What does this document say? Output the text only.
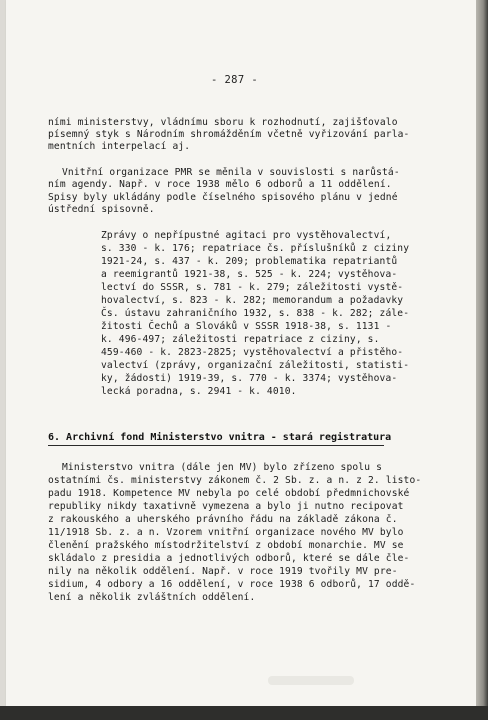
- 287 -
ními ministerstvy, vládnímu sboru k rozhodnutí, zajišťovalo
písemný styk s Národním shromážděním včetně vyřizování parla-
mentních interpelací aj.
Vnitřní organizace PMR se měnila v souvislosti s narůstá-
ním agendy. Např. v roce 1938 mělo 6 odborů a 11 oddělení.
Spisy byly ukládány podle číselného spisového plánu v jedné
ústřední spisovně.
Zprávy o nepřípustné agitaci pro vystěhovalectví,
s. 330 - k. 176; repatriace čs. příslušníků z ciziny
1921-24, s. 437 - k. 209; problematika repatriantů
a reemigrantů 1921-38, s. 525 - k. 224; vystěhova-
lectví do SSSR, s. 781 - k. 279; záležitosti vystě-
hovalectví, s. 823 - k. 282; memorandum a požadavky
Čs. ústavu zahraničního 1932, s. 838 - k. 282; zále-
žitosti Čechů a Slováků v SSSR 1918-38, s. 1131 -
k. 496-497; záležitosti repatriace z ciziny, s.
459-460 - k. 2823-2825; vystěhovalectví a přistěho-
valectví (zprávy, organizační záležitosti, statisti-
ky, žádosti) 1919-39, s. 770 - k. 3374; vystěhova-
lecká poradna, s. 2941 - k. 4010.
6. Archivní fond Ministerstvo vnitra - stará registratura
Ministerstvo vnitra (dále jen MV) bylo zřízeno spolu s
ostatními čs. ministerstvy zákonem č. 2 Sb. z. a n. z 2. listo-
padu 1918. Kompetence MV nebyla po celé období předmnichovské
republiky nikdy taxativně vymezena a bylo ji nutno recipovat
z rakouského a uherského právního řádu na základě zákona č.
11/1918 Sb. z. a n. Vzorem vnitřní organizace nového MV bylo
členění pražského místodržitelství z období monarchie. MV se
skládalo z presidia a jednotlivých odborů, které se dále čle-
nily na několik oddělení. Např. v roce 1919 tvořily MV pre-
sidium, 4 odbory a 16 oddělení, v roce 1938 6 odborů, 17 oddě-
lení a několik zvláštních oddělení.
